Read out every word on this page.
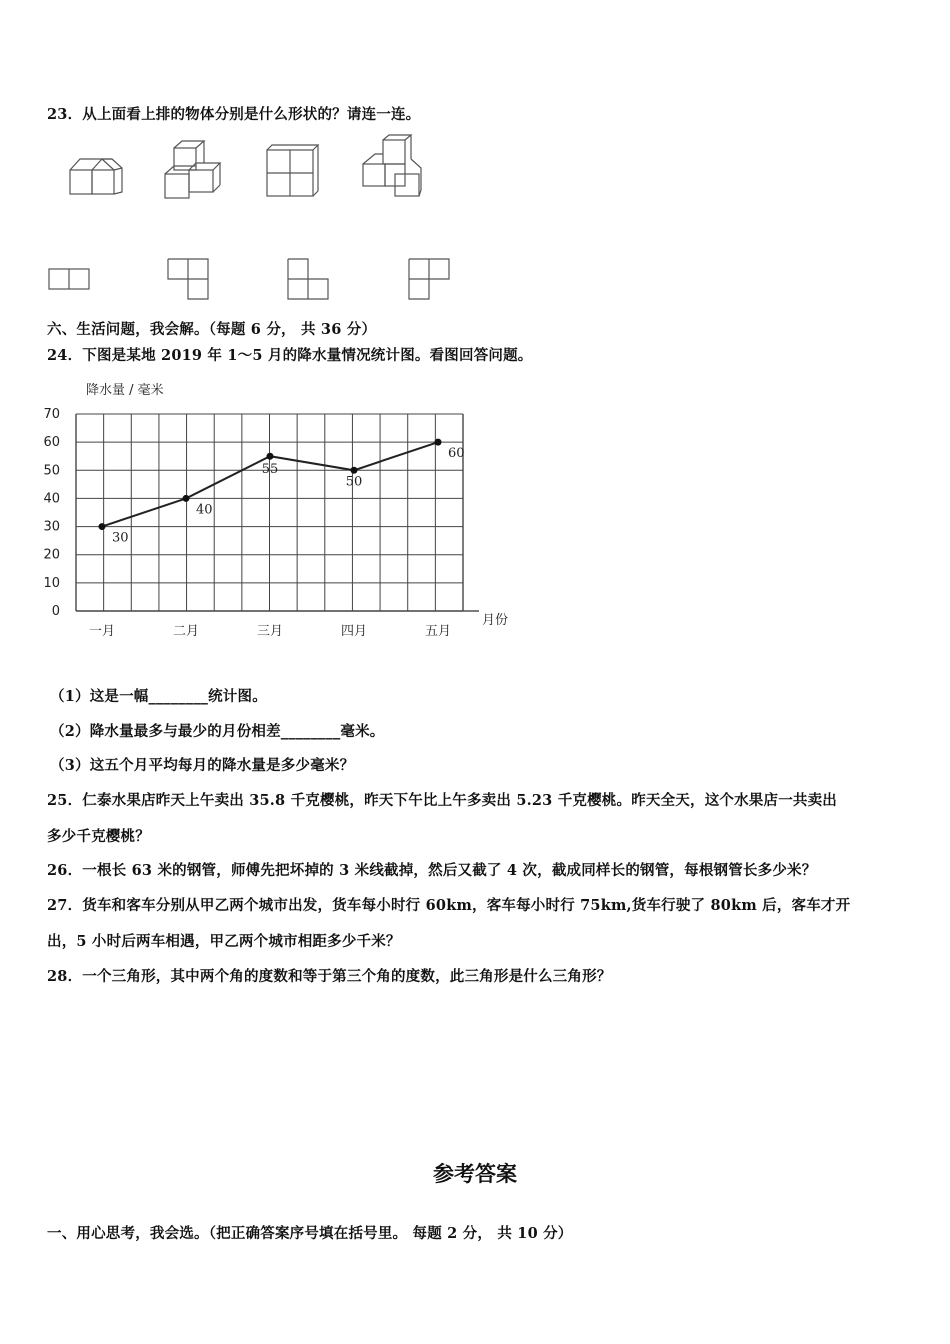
23．从上面看上排的物体分别是什么形状的？请连一连。
六、生活问题，我会解。（每题 6 分， 共 36 分）
24．下图是某地 2019 年 1～5 月的降水量情况统计图。看图回答问题。
降水量 / 毫米
月份
0
10
20
30
40
50
60
70
一月	二月	三月	四月	五月
30
40
55
50
60
（1）这是一幅________统计图。
（2）降水量最多与最少的月份相差________毫米。
（3）这五个月平均每月的降水量是多少毫米？
25．仁泰水果店昨天上午卖出 35.8 千克樱桃，昨天下午比上午多卖出 5.23 千克樱桃。昨天全天，这个水果店一共卖出
多少千克樱桃？
26．一根长 63 米的钢管，师傅先把坏掉的 3 米线截掉，然后又截了 4 次，截成同样长的钢管，每根钢管长多少米？
27．货车和客车分别从甲乙两个城市出发，货车每小时行 60km，客车每小时行 75km,货车行驶了 80km 后，客车才开
出，5 小时后两车相遇，甲乙两个城市相距多少千米？
28．一个三角形，其中两个角的度数和等于第三个角的度数，此三角形是什么三角形？
参考答案
一、用心思考，我会选。（把正确答案序号填在括号里。 每题 2 分， 共 10 分）
